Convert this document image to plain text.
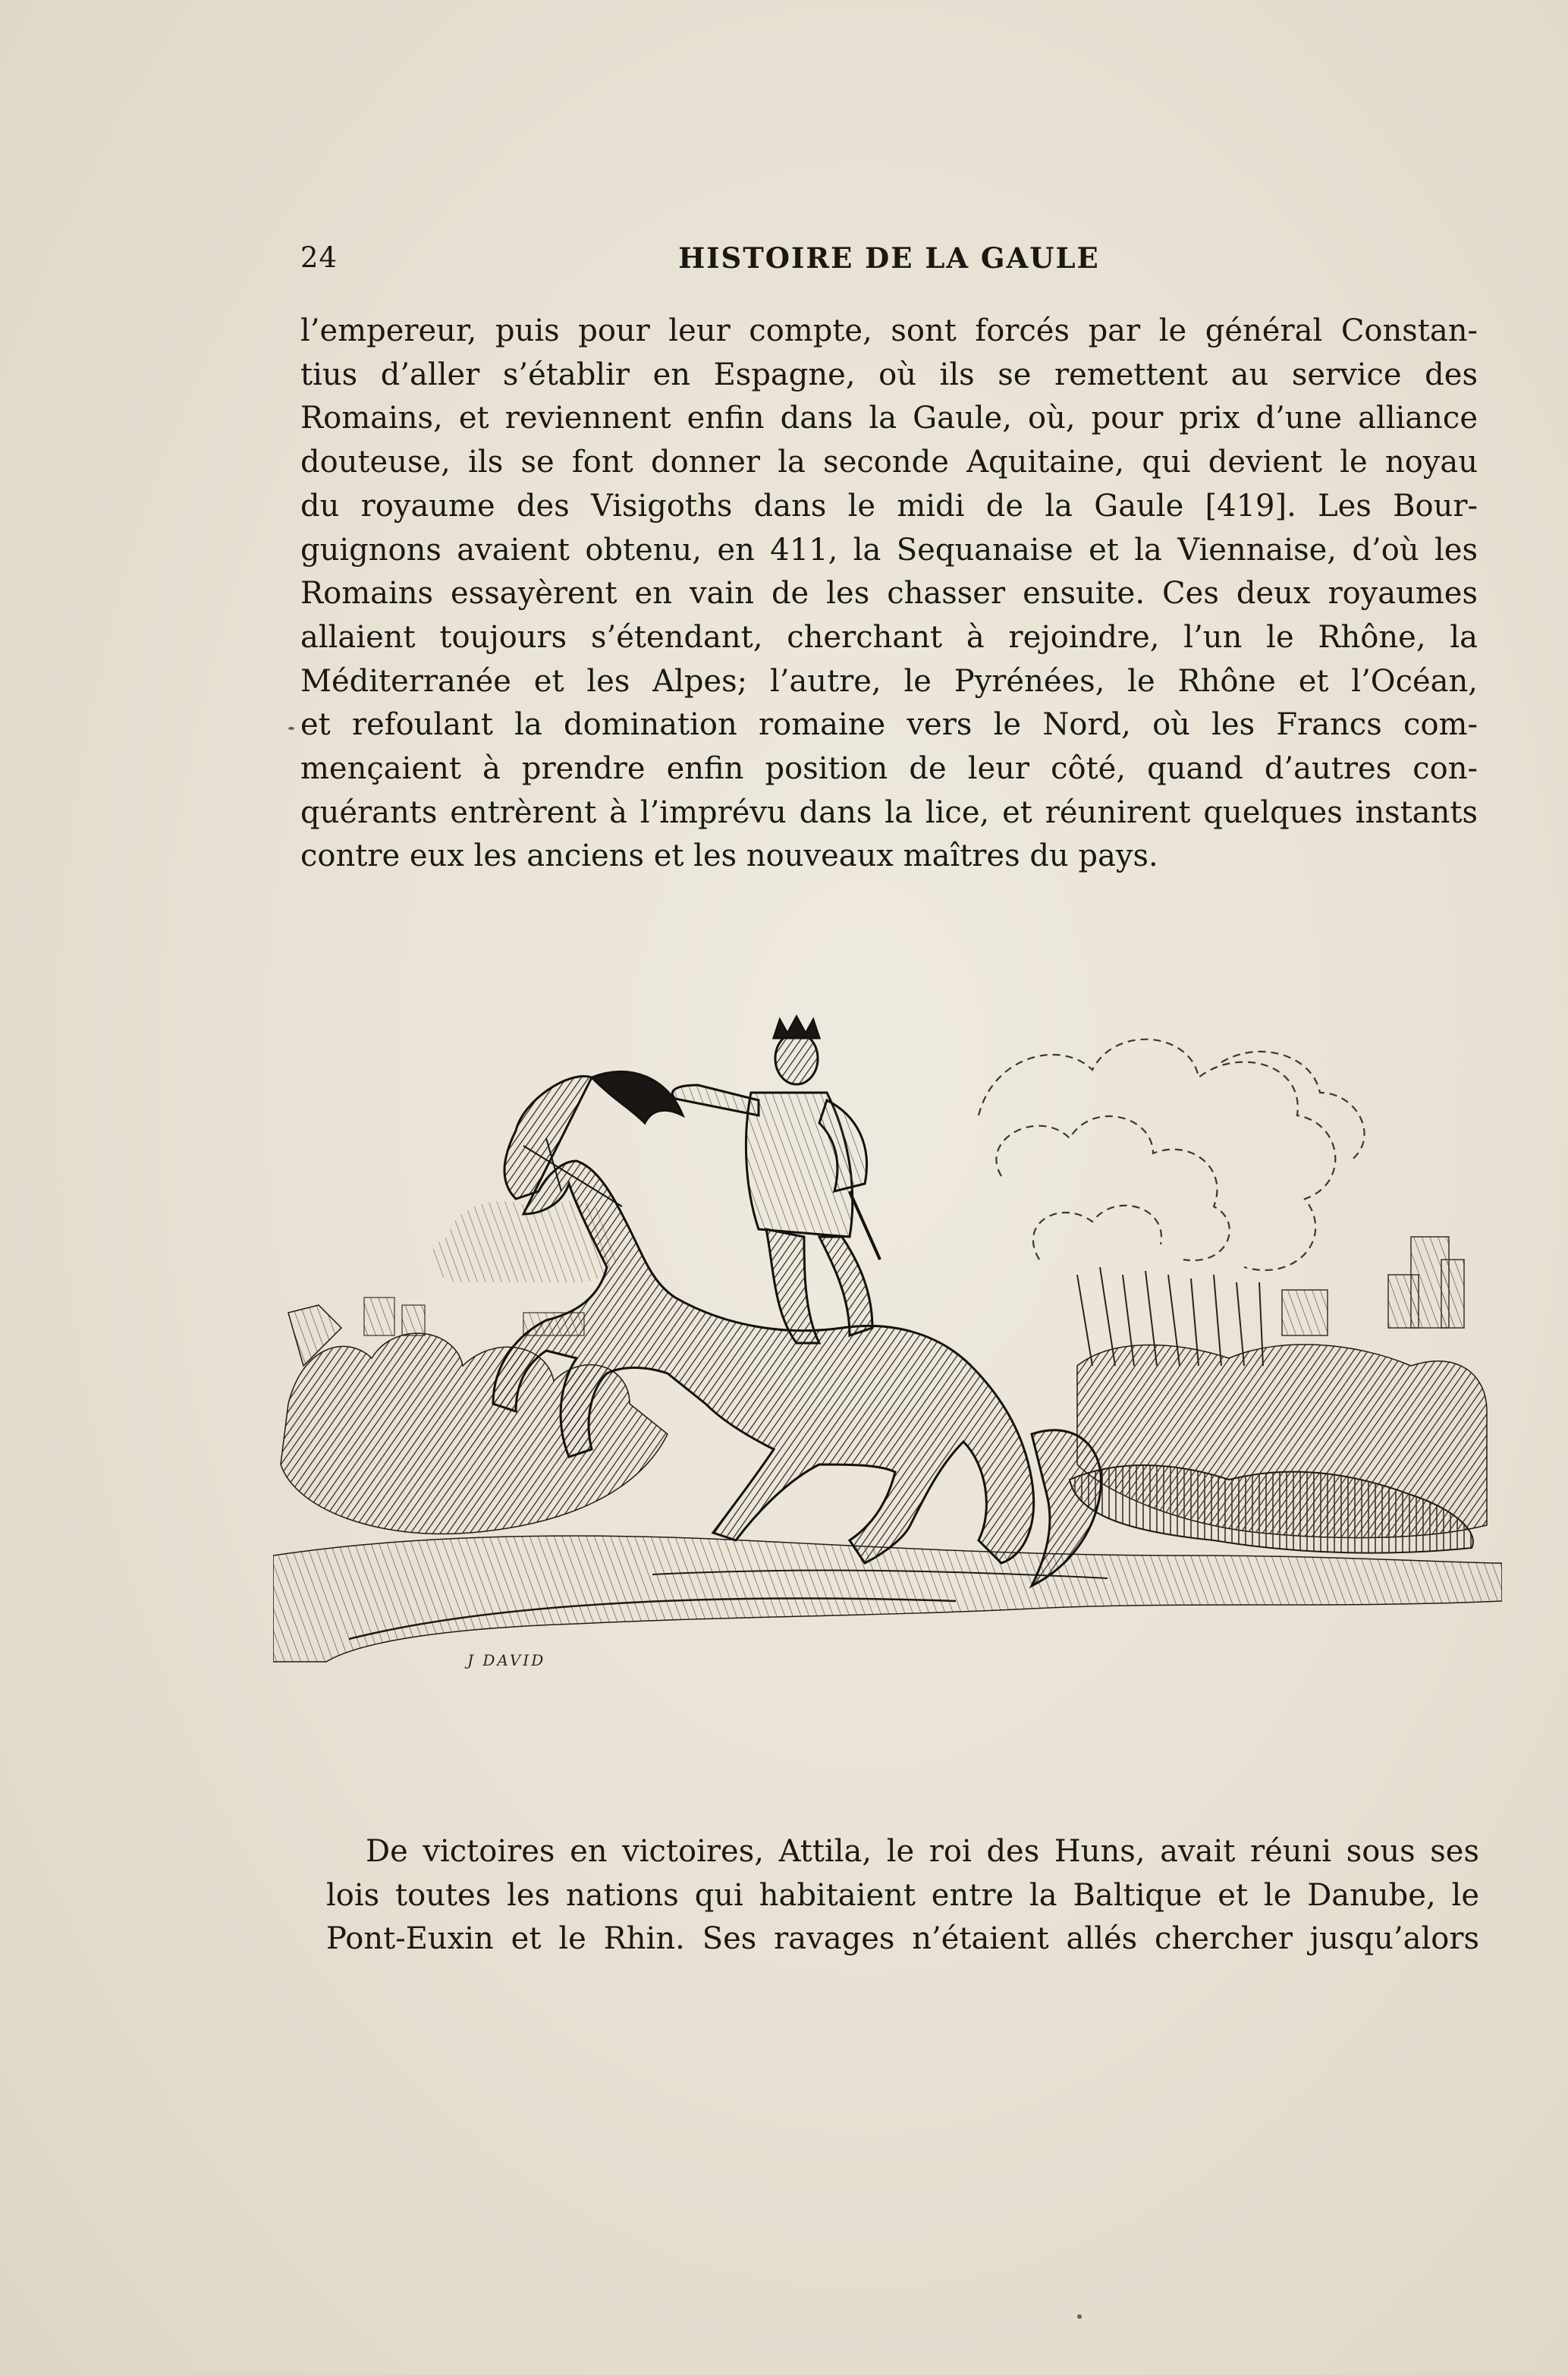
24	HISTOIRE DE LA GAULE
l’empereur, puis pour leur compte, sont forcés par le général Constan-
tius d’aller s’établir en Espagne, où ils se remettent au service des
Romains, et reviennent enfin dans la Gaule, où, pour prix d’une alliance
douteuse, ils se font donner la seconde Aquitaine, qui devient le noyau
du royaume des Visigoths dans le midi de la Gaule [419]. Les Bour-
guignons avaient obtenu, en 411, la Sequanaise et la Viennaise, d’où les
Romains essayèrent en vain de les chasser ensuite. Ces deux royaumes
allaient toujours s’étendant, cherchant à rejoindre, l’un le Rhône, la
Méditerranée et les Alpes; l’autre, le Pyrénées, le Rhône et l’Océan,
et refoulant la domination romaine vers le Nord, où les Francs com-
mençaient à prendre enfin position de leur côté, quand d’autres con-
quérants entrèrent à l’imprévu dans la lice, et réunirent quelques instants
contre eux les anciens et les nouveaux maîtres du pays.
J DAVID
De victoires en victoires, Attila, le roi des Huns, avait réuni sous ses
lois toutes les nations qui habitaient entre la Baltique et le Danube, le
Pont-Euxin et le Rhin. Ses ravages n’étaient allés chercher jusqu’alors
